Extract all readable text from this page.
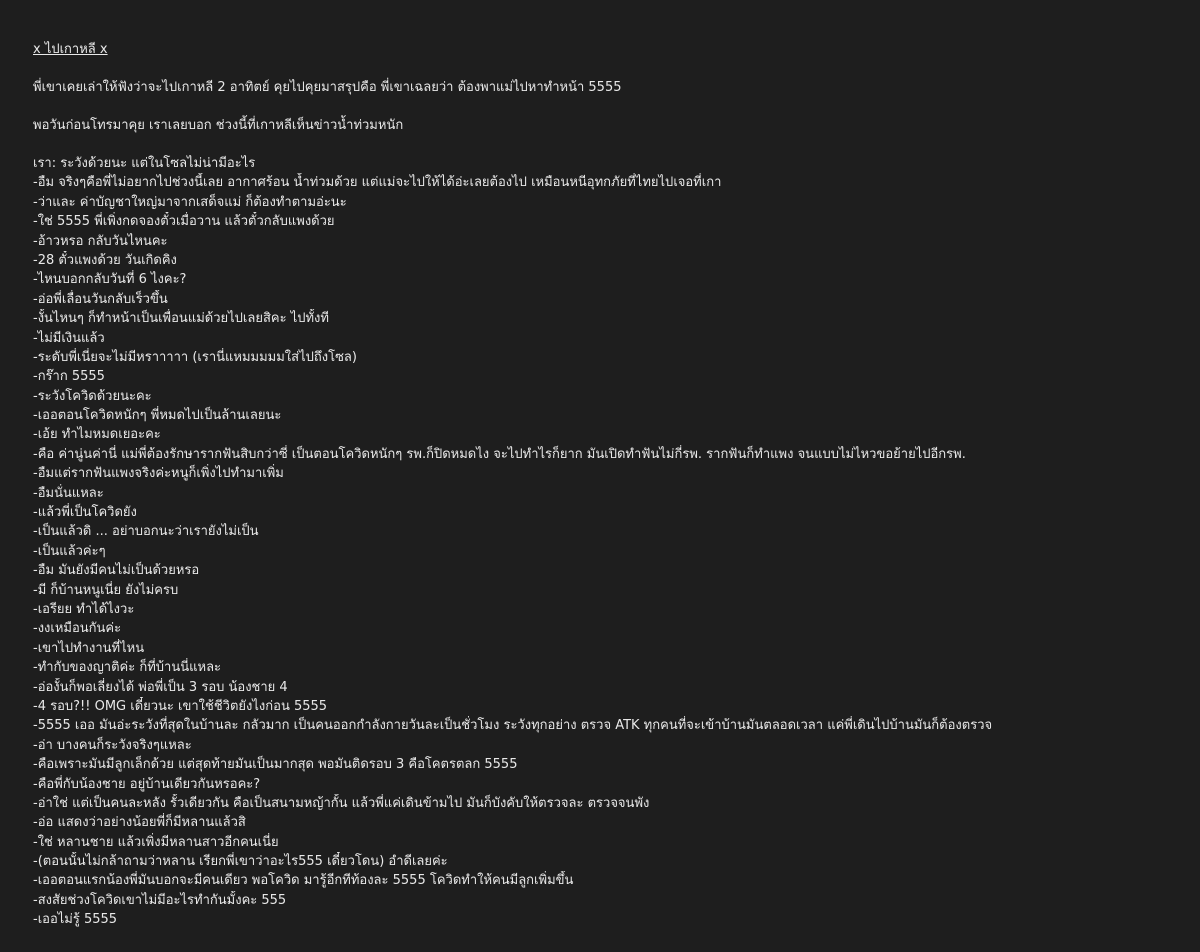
x ไปเกาหลี x
พี่เขาเคยเล่าให้ฟังว่าจะไปเกาหลี 2 อาทิตย์ คุยไปคุยมาสรุปคือ พี่เขาเฉลยว่า ต้องพาแม่ไปหาทำหน้า 5555
พอวันก่อนโทรมาคุย เราเลยบอก ช่วงนี้ที่เกาหลีเห็นข่าวน้ำท่วมหนัก
เรา: ระวังด้วยนะ แต่ในโซลไม่น่ามีอะไร
-อืม จริงๆคือพี่ไม่อยากไปช่วงนี้เลย อากาศร้อน น้ำท่วมด้วย แต่แม่จะไปให้ได้อ่ะเลยต้องไป เหมือนหนีอุทกภัยที่ไทยไปเจอที่เกา
-ว่าและ ค่าบัญชาใหญ่มาจากเสด็จแม่ ก็ต้องทำตามอ่ะนะ
-ใช่ 5555 พี่เพิ่งกดจองตั๋วเมื่อวาน แล้วตั๋วกลับแพงด้วย
-อ้าวหรอ กลับวันไหนคะ
-28 ตั๋วแพงด้วย วันเกิดคิง
-ไหนบอกกลับวันที่ 6 ไงคะ?
-อ่อพี่เลื่อนวันกลับเร็วขึ้น
-งั้นไหนๆ ก็ทำหน้าเป็นเพื่อนแม่ด้วยไปเลยสิคะ ไปทั้งที
-ไม่มีเงินแล้ว
-ระดับพี่เนี่ยจะไม่มีหราาาาา (เรานี่แหมมมมมใส่ไปถึงโซล)
-กร๊าก 5555
-ระวังโควิดด้วยนะคะ
-เออตอนโควิดหนักๆ พี่หมดไปเป็นล้านเลยนะ
-เอ้ย ทำไมหมดเยอะคะ
-คือ ค่านู่นค่านี่ แม่พี่ต้องรักษารากฟันสิบกว่าซี่ เป็นตอนโควิดหนักๆ รพ.ก็ปิดหมดไง จะไปทำไรก็ยาก มันเปิดทำฟันไม่กี่รพ. รากฟันก็ทำแพง จนแบบไม่ไหวขอย้ายไปอีกรพ.
-อืมแต่รากฟันแพงจริงค่ะหนูก็เพิ่งไปทำมาเพิ่ม
-อืมนั่นแหละ
-แล้วพี่เป็นโควิดยัง
-เป็นแล้วดิ ... อย่าบอกนะว่าเรายังไม่เป็น
-เป็นแล้วค่ะๆ
-อืม มันยังมีคนไม่เป็นด้วยหรอ
-มี ก็บ้านหนูเนี่ย ยังไม่ครบ
-เอรียย ทำได้ไงวะ
-งงเหมือนกันค่ะ
-เขาไปทำงานที่ไหน
-ทำกับของญาติค่ะ ก็ที่บ้านนี่แหละ
-อ่องั้นก็พอเลี่ยงได้ พ่อพี่เป็น 3 รอบ น้องชาย 4
-4 รอบ?!! OMG เดี๋ยวนะ เขาใช้ชีวิตยังไงก่อน 5555
-5555 เออ มันอ่ะระวังที่สุดในบ้านละ กลัวมาก เป็นคนออกกำลังกายวันละเป็นชั่วโมง ระวังทุกอย่าง ตรวจ ATK ทุกคนที่จะเข้าบ้านมันตลอดเวลา แค่พี่เดินไปบ้านมันก็ต้องตรวจ
-อ่า บางคนก็ระวังจริงๆแหละ
-คือเพราะมันมีลูกเล็กด้วย แต่สุดท้ายมันเป็นมากสุด พอมันติดรอบ 3 คือโคตรตลก 5555
-คือพี่กับน้องชาย อยู่บ้านเดียวกันหรอคะ?
-อ่าใช่ แต่เป็นคนละหลัง รั้วเดียวกัน คือเป็นสนามหญ้ากั้น แล้วพี่แค่เดินข้ามไป มันก็บังคับให้ตรวจละ ตรวจจนพัง
-อ่อ แสดงว่าอย่างน้อยพี่ก็มีหลานแล้วสิ
-ใช่ หลานชาย แล้วเพิ่งมีหลานสาวอีกคนเนี่ย
-(ตอนนั้นไม่กล้าถามว่าหลาน เรียกพี่เขาว่าอะไร555 เดี๋ยวโดน) อำดีเลยค่ะ
-เออตอนแรกน้องพี่มันบอกจะมีคนเดียว พอโควิด มารู้อีกทีท้องละ 5555 โควิดทำให้คนมีลูกเพิ่มขึ้น
-สงสัยช่วงโควิดเขาไม่มีอะไรทำกันมั้งคะ 555
-เออไม่รู้ 5555
